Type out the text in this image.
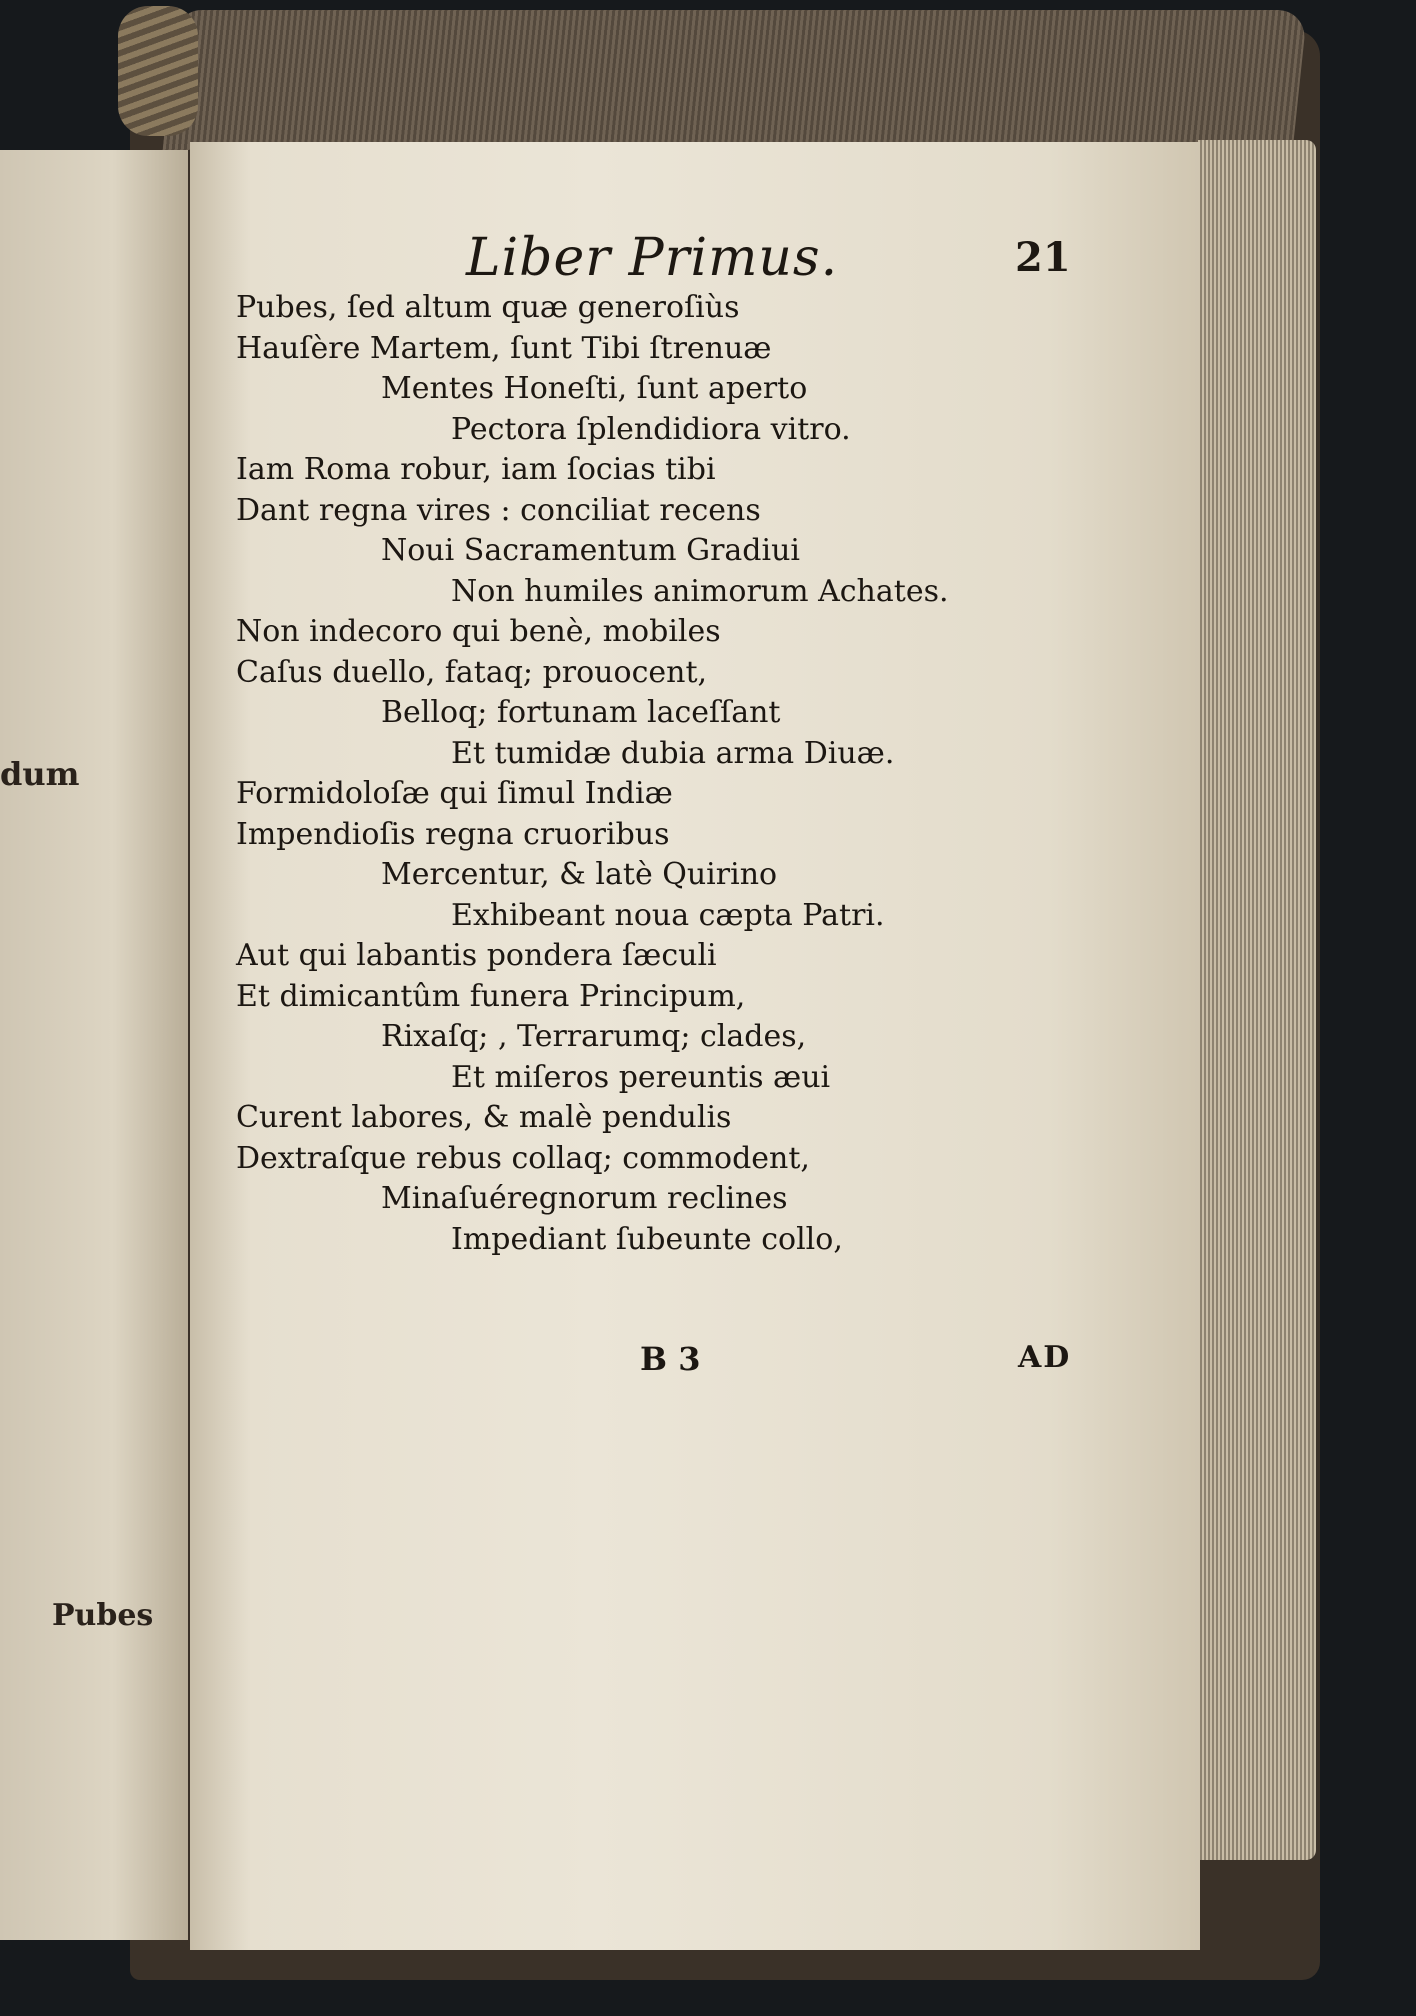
dum
Pubes
Liber Primus.	21
Pubes, ſed altum quæ generoſiùs
Hauſère Martem, ſunt Tibi ſtrenuæ
Mentes Honeſti, ſunt aperto
Pectora ſplendidiora vitro.
Iam Roma robur, iam ſocias tibi
Dant regna vires : conciliat recens
Noui Sacramentum Gradiui
Non humiles animorum Achates.
Non indecoro qui benè, mobiles
Caſus duello, fataq; prouocent,
Belloq; fortunam laceſſant
Et tumidæ dubia arma Diuæ.
Formidoloſæ qui ſimul Indiæ
Impendioſis regna cruoribus
Mercentur, & latè Quirino
Exhibeant noua cæpta Patri.
Aut qui labantis pondera ſæculi
Et dimicantûm funera Principum,
Rixaſq; , Terrarumq; clades,
Et miſeros pereuntis æui
Curent labores, & malè pendulis
Dextraſque rebus collaq; commodent,
Minaſuéregnorum reclines
Impediant ſubeunte collo,
B 3	AD
